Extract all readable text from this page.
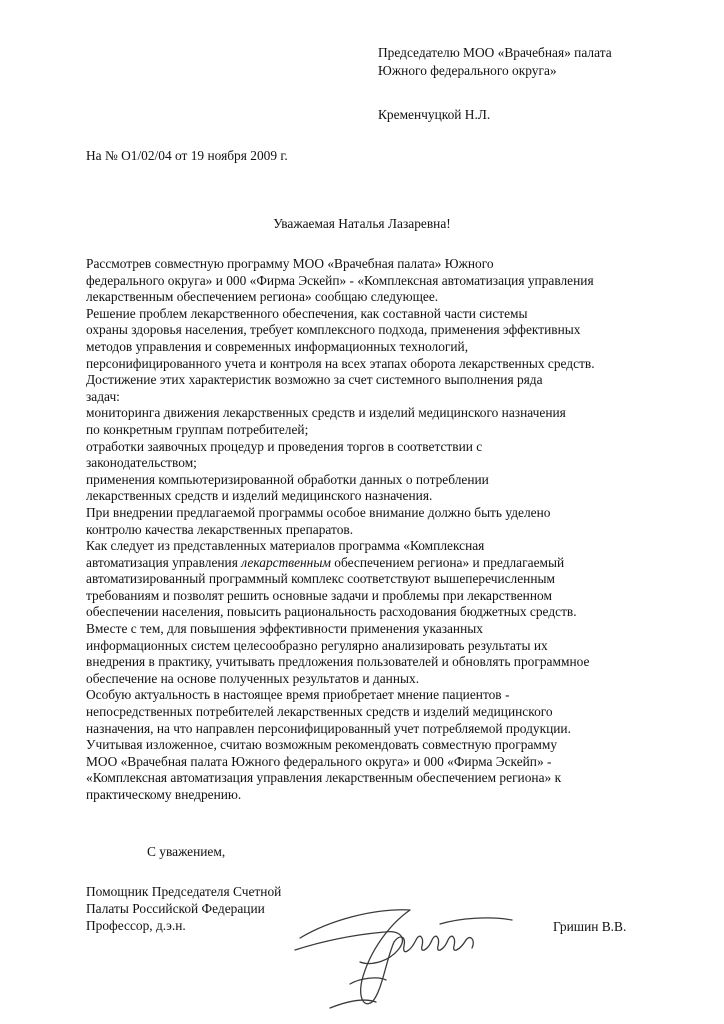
Председателю МОО «Врачебная» палата
Южного федерального округа»
Кременчуцкой Н.Л.
На № О1/02/04 от 19 ноября 2009 г.
Уважаемая Наталья Лазаревна!

Рассмотрев совместную программу МОО «Врачебная палата» Южного
федерального округа» и 000 «Фирма Эскейп» - «Комплексная автоматизация управления
лекарственным обеспечением региона» сообщаю следующее.

Решение проблем лекарственного обеспечения, как составной части системы
охраны здоровья населения, требует комплексного подхода, применения эффективных
методов управления и современных информационных технологий,
персонифицированного учета и контроля на всех этапах оборота лекарственных средств.

Достижение этих характеристик возможно за счет системного выполнения ряда
задач:

мониторинга движения лекарственных средств и изделий медицинского назначения
по конкретным группам потребителей;

отработки заявочных процедур и проведения торгов в соответствии с
законодательством;

применения компьютеризированной обработки данных о потреблении
лекарственных средств и изделий медицинского назначения.

При внедрении предлагаемой программы особое внимание должно быть уделено
контролю качества лекарственных препаратов.

Как следует из представленных материалов программа «Комплексная
автоматизация управления лекарственным обеспечением региона» и предлагаемый
автоматизированный программный комплекс соответствуют вышеперечисленным
требованиям и позволят решить основные задачи и проблемы при лекарственном
обеспечении населения, повысить рациональность расходования бюджетных средств.

Вместе с тем, для повышения эффективности применения указанных
информационных систем целесообразно регулярно анализировать результаты их
внедрения в практику, учитывать предложения пользователей и обновлять программное
обеспечение на основе полученных результатов и данных.

Особую актуальность в настоящее время приобретает мнение пациентов -
непосредственных потребителей лекарственных средств и изделий медицинского
назначения, на что направлен персонифицированный учет потребляемой продукции.

Учитывая изложенное, считаю возможным рекомендовать совместную программу
МОО «Врачебная палата Южного федерального округа» и 000 «Фирма Эскейп» -
«Комплексная автоматизация управления лекарственным обеспечением региона» к
практическому внедрению.

С уважением,
Помощник Председателя Счетной
Палаты Российской Федерации
Профессор, д.э.н.	Гришин В.В.
